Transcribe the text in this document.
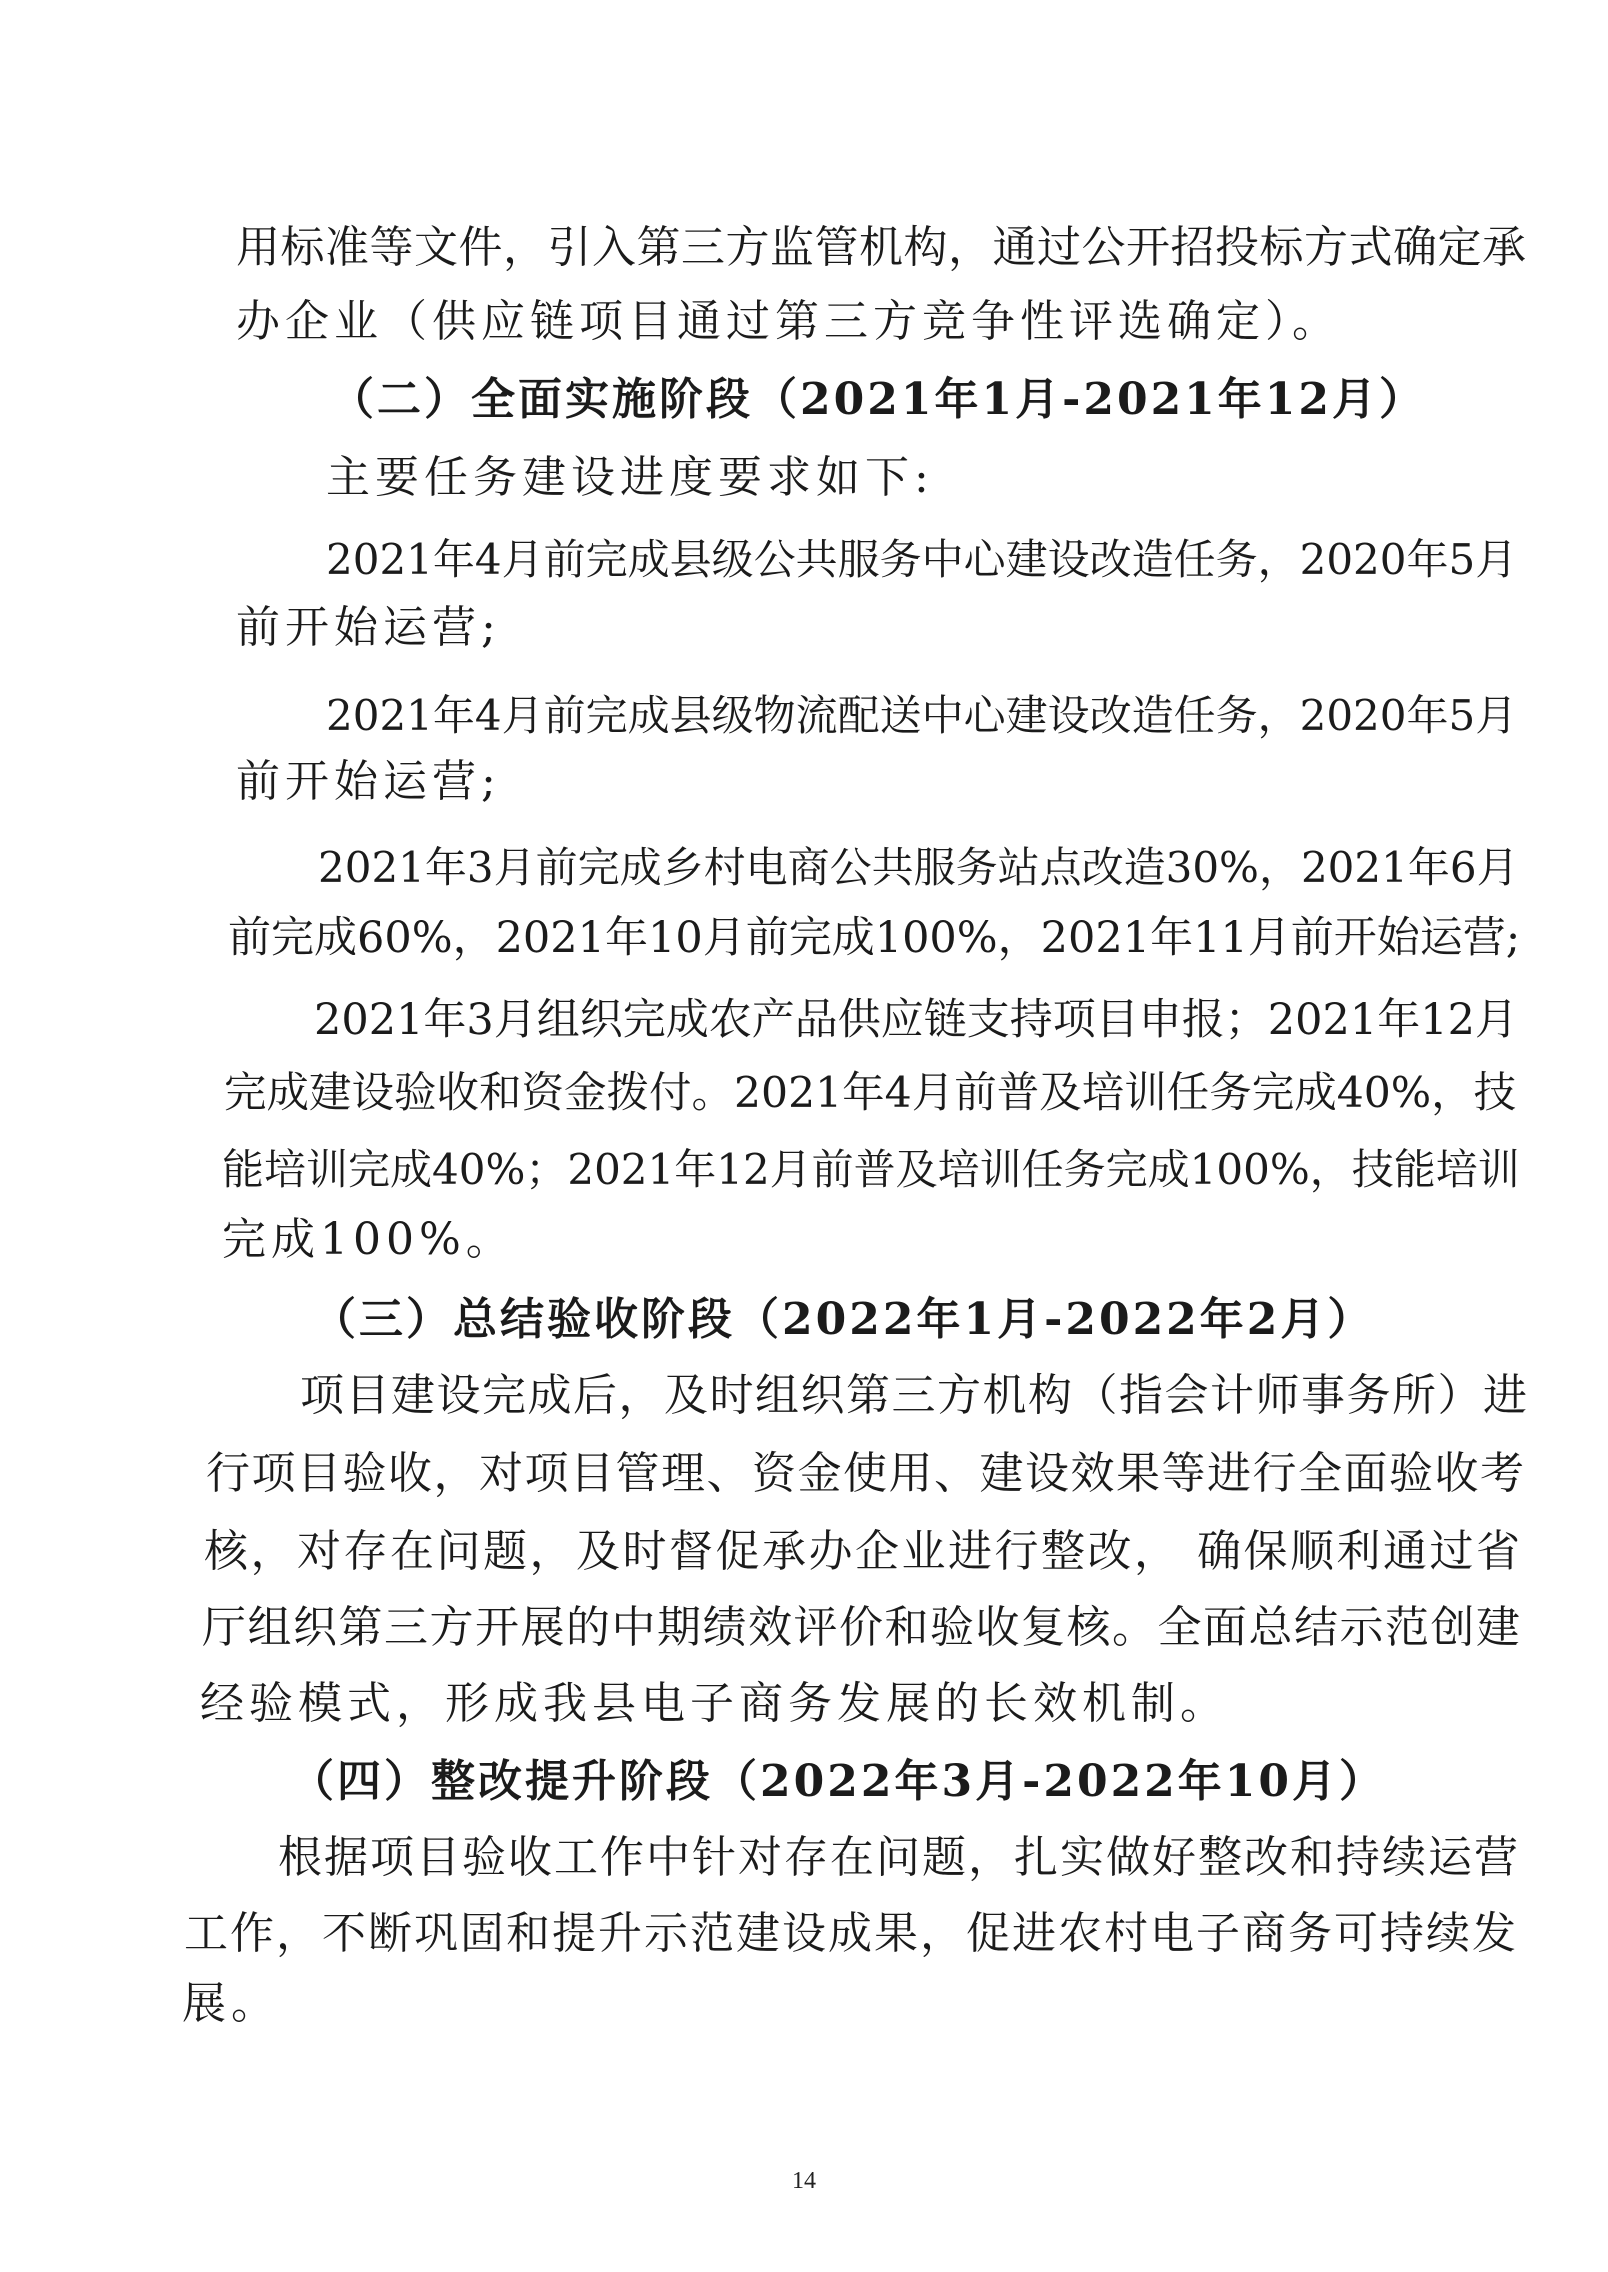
用标准等文件，引入第三方监管机构，通过公开招投标方式确定承
办企业（供应链项目通过第三方竞争性评选确定）。
（二）全面实施阶段（2021年1月-2021年12月）
主要任务建设进度要求如下:
2021年4月前完成县级公共服务中心建设改造任务，2020年5月
前开始运营;
2021年4月前完成县级物流配送中心建设改造任务，2020年5月
前开始运营;
2021年3月前完成乡村电商公共服务站点改造30%，2021年6月
前完成60%，2021年10月前完成100%，2021年11月前开始运营;
2021年3月组织完成农产品供应链支持项目申报；2021年12月
完成建设验收和资金拨付。2021年4月前普及培训任务完成40%，技
能培训完成40%；2021年12月前普及培训任务完成100%，技能培训
完成100%。
（三）总结验收阶段（2022年1月-2022年2月）
项目建设完成后，及时组织第三方机构（指会计师事务所）进
行项目验收，对项目管理、资金使用、建设效果等进行全面验收考
核，对存在问题，及时督促承办企业进行整改， 确保顺利通过省
厅组织第三方开展的中期绩效评价和验收复核。全面总结示范创建
经验模式，形成我县电子商务发展的长效机制。
（四）整改提升阶段（2022年3月-2022年10月）
根据项目验收工作中针对存在问题，扎实做好整改和持续运营
工作，不断巩固和提升示范建设成果，促进农村电子商务可持续发
展。
14
